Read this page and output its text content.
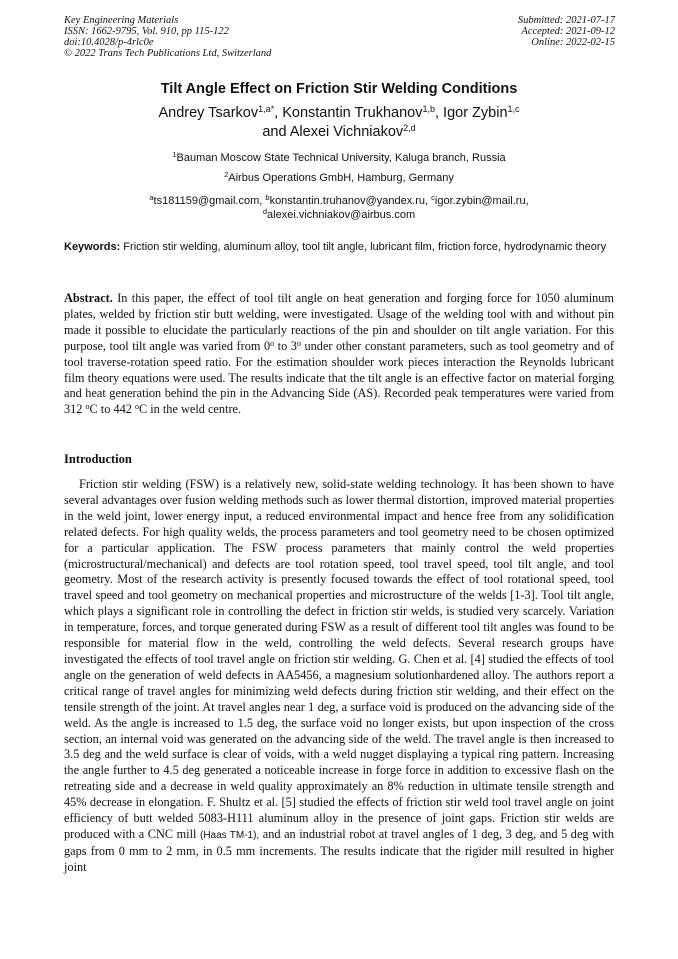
Key Engineering Materials
ISSN: 1662-9795, Vol. 910, pp 115-122
doi:10.4028/p-4rlc0e
© 2022 Trans Tech Publications Ltd, Switzerland
Submitted: 2021-07-17
Accepted: 2021-09-12
Online: 2022-02-15
Tilt Angle Effect on Friction Stir Welding Conditions
Andrey Tsarkov$^{1,a*}$, Konstantin Trukhanov$^{1,b}$, Igor Zybin$^{1,c}$
and Alexei Vichniakov$^{2,d}$
$^1$Bauman Moscow State Technical University, Kaluga branch, Russia
$^2$Airbus Operations GmbH, Hamburg, Germany
$^a$ts181159@gmail.com, $^b$konstantin.truhanov@yandex.ru, $^c$igor.zybin@mail.ru,
$^d$alexei.vichniakov@airbus.com
Keywords: Friction stir welding, aluminum alloy, tool tilt angle, lubricant film, friction force, hydrodynamic theory
Abstract. In this paper, the effect of tool tilt angle on heat generation and forging force for 1050 aluminum plates, welded by friction stir butt welding, were investigated. Usage of the welding tool with and without pin made it possible to elucidate the particularly reactions of the pin and shoulder on tilt angle variation. For this purpose, tool tilt angle was varied from 0$^o$ to 3$^o$ under other constant parameters, such as tool geometry and of tool traverse-rotation speed ratio. For the estimation shoulder work pieces interaction the Reynolds lubricant film theory equations were used. The results indicate that the tilt angle is an effective factor on material forging and heat generation behind the pin in the Advancing Side (AS). Recorded peak temperatures were varied from 312 $^o$C to 442 $^o$C in the weld centre.
Introduction
Friction stir welding (FSW) is a relatively new, solid-state welding technology. It has been shown to have several advantages over fusion welding methods such as lower thermal distortion, improved material properties in the weld joint, lower energy input, a reduced environmental impact and hence free from any solidification related defects. For high quality welds, the process parameters and tool geometry need to be chosen optimized for a particular application. The FSW process parameters that mainly control the weld properties (microstructural/mechanical) and defects are tool rotation speed, tool travel speed, tool tilt angle, and tool geometry. Most of the research activity is presently focused towards the effect of tool rotational speed, tool travel speed and tool geometry on mechanical properties and microstructure of the welds [1-3]. Tool tilt angle, which plays a significant role in controlling the defect in friction stir welds, is studied very scarcely. Variation in temperature, forces, and torque generated during FSW as a result of different tool tilt angles was found to be responsible for material flow in the weld, controlling the weld defects. Several research groups have investigated the effects of tool travel angle on friction stir welding. G. Chen et al. [4] studied the effects of tool angle on the generation of weld defects in AA5456, a magnesium solutionhardened alloy. The authors report a critical range of travel angles for minimizing weld defects during friction stir welding, and their effect on the tensile strength of the joint. At travel angles near 1 deg, a surface void is produced on the advancing side of the weld. As the angle is increased to 1.5 deg, the surface void no longer exists, but upon inspection of the cross section, an internal void was generated on the advancing side of the weld. The travel angle is then increased to 3.5 deg and the weld surface is clear of voids, with a weld nugget displaying a typical ring pattern. Increasing the angle further to 4.5 deg generated a noticeable increase in forge force in addition to excessive flash on the retreating side and a decrease in weld quality approximately an 8% reduction in ultimate tensile strength and 45% decrease in elongation. F. Shultz et al. [5] studied the effects of friction stir weld tool travel angle on joint efficiency of butt welded 5083-H111 aluminum alloy in the presence of joint gaps. Friction stir welds are produced with a CNC mill (Haas TM-1), and an industrial robot at travel angles of 1 deg, 3 deg, and 5 deg with gaps from 0 mm to 2 mm, in 0.5 mm increments. The results indicate that the rigider mill resulted in higher joint
